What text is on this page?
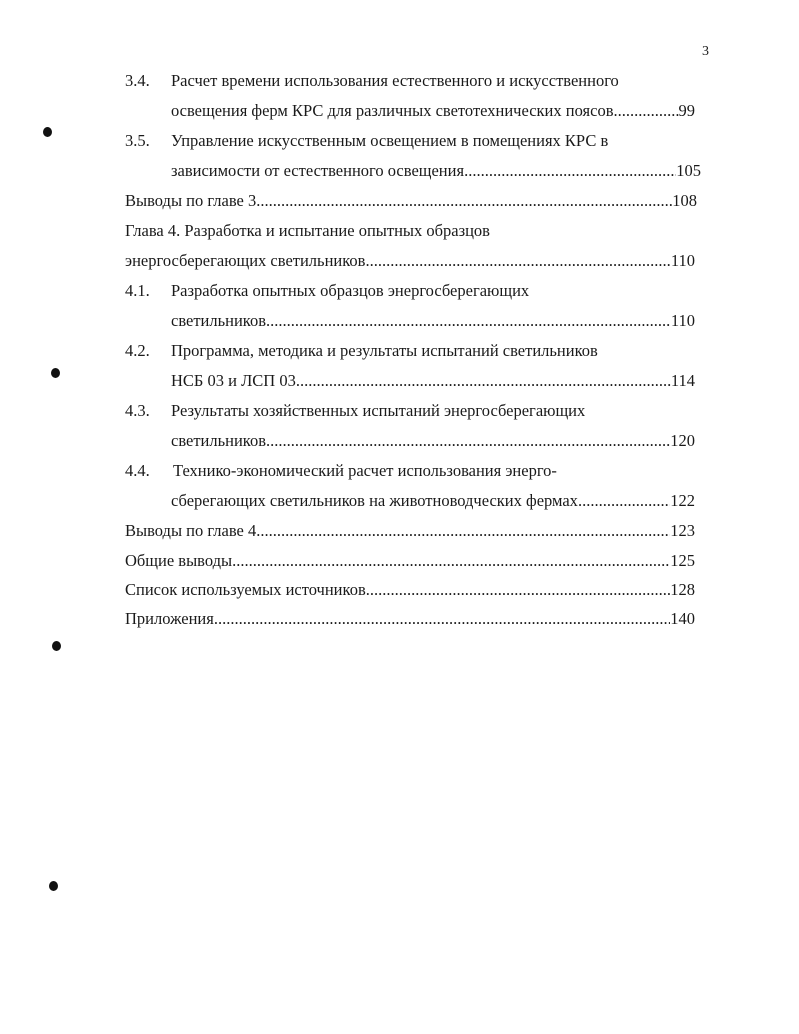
3
3.4. Расчет времени использования естественного и искусственного
освещения ферм КРС для различных светотехнических поясов .....	99
3.5. Управление искусственным освещением в помещениях КРС в
зависимости от естественного освещения .....	105
Выводы по главе 3 .....	108
Глава 4. Разработка и испытание опытных образцов
энергосберегающих светильников .....	110
4.1. Разработка опытных образцов энергосберегающих
светильников .....	110
4.2. Программа, методика и результаты испытаний светильников
НСБ 03 и ЛСП 03 .....	114
4.3. Результаты хозяйственных испытаний энергосберегающих
светильников .....	120
4.4. Технико-экономический расчет использования энерго-
сберегающих светильников на животноводческих фермах .....	122
Выводы по главе 4 .....	123
Общие выводы .....	125
Список используемых источников .....	128
Приложения .....	140
